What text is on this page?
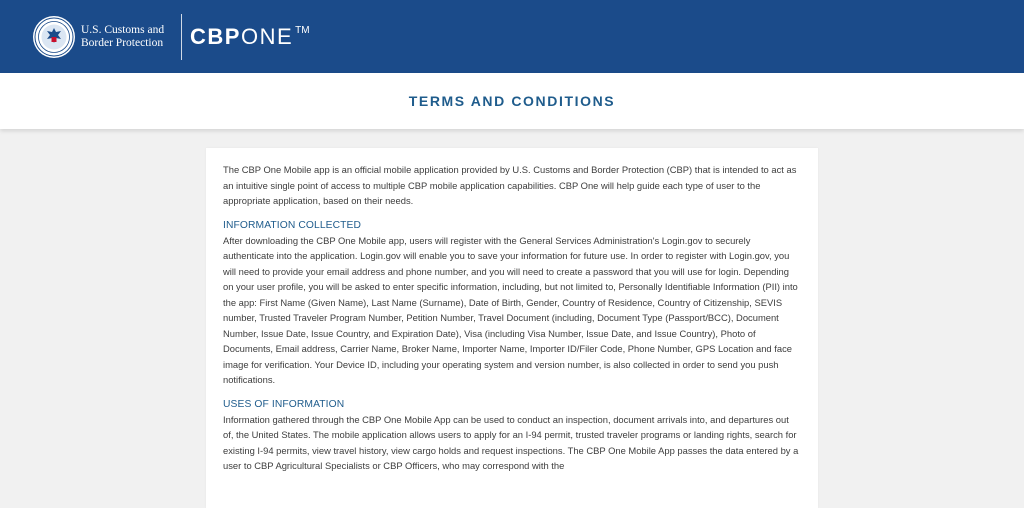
U.S. Customs and
Border Protection	CBP ONE™
TERMS AND CONDITIONS

The CBP One Mobile app is an official mobile application provided by U.S. Customs and Border Protection (CBP) that is intended to act as an intuitive single point of access to multiple CBP mobile application capabilities. CBP One will help guide each type of user to the appropriate application, based on their needs.

INFORMATION COLLECTED

After downloading the CBP One Mobile app, users will register with the General Services Administration's Login.gov to securely authenticate into the application. Login.gov will enable you to save your information for future use. In order to register with Login.gov, you will need to provide your email address and phone number, and you will need to create a password that you will use for login. Depending on your user profile, you will be asked to enter specific information, including, but not limited to, Personally Identifiable Information (PII) into the app: First Name (Given Name), Last Name (Surname), Date of Birth, Gender, Country of Residence, Country of Citizenship, SEVIS number, Trusted Traveler Program Number, Petition Number, Travel Document (including, Document Type (Passport/BCC), Document Number, Issue Date, Issue Country, and Expiration Date), Visa (including Visa Number, Issue Date, and Issue Country), Photo of Documents, Email address, Carrier Name, Broker Name, Importer Name, Importer ID/Filer Code, Phone Number, GPS Location and face image for verification. Your Device ID, including your operating system and version number, is also collected in order to send you push notifications.

USES OF INFORMATION

Information gathered through the CBP One Mobile App can be used to conduct an inspection, document arrivals into, and departures out of, the United States. The mobile application allows users to apply for an I-94 permit, trusted traveler programs or landing rights, search for existing I-94 permits, view travel history, view cargo holds and request inspections. The CBP One Mobile App passes the data entered by a user to CBP Agricultural Specialists or CBP Officers, who may correspond with the
